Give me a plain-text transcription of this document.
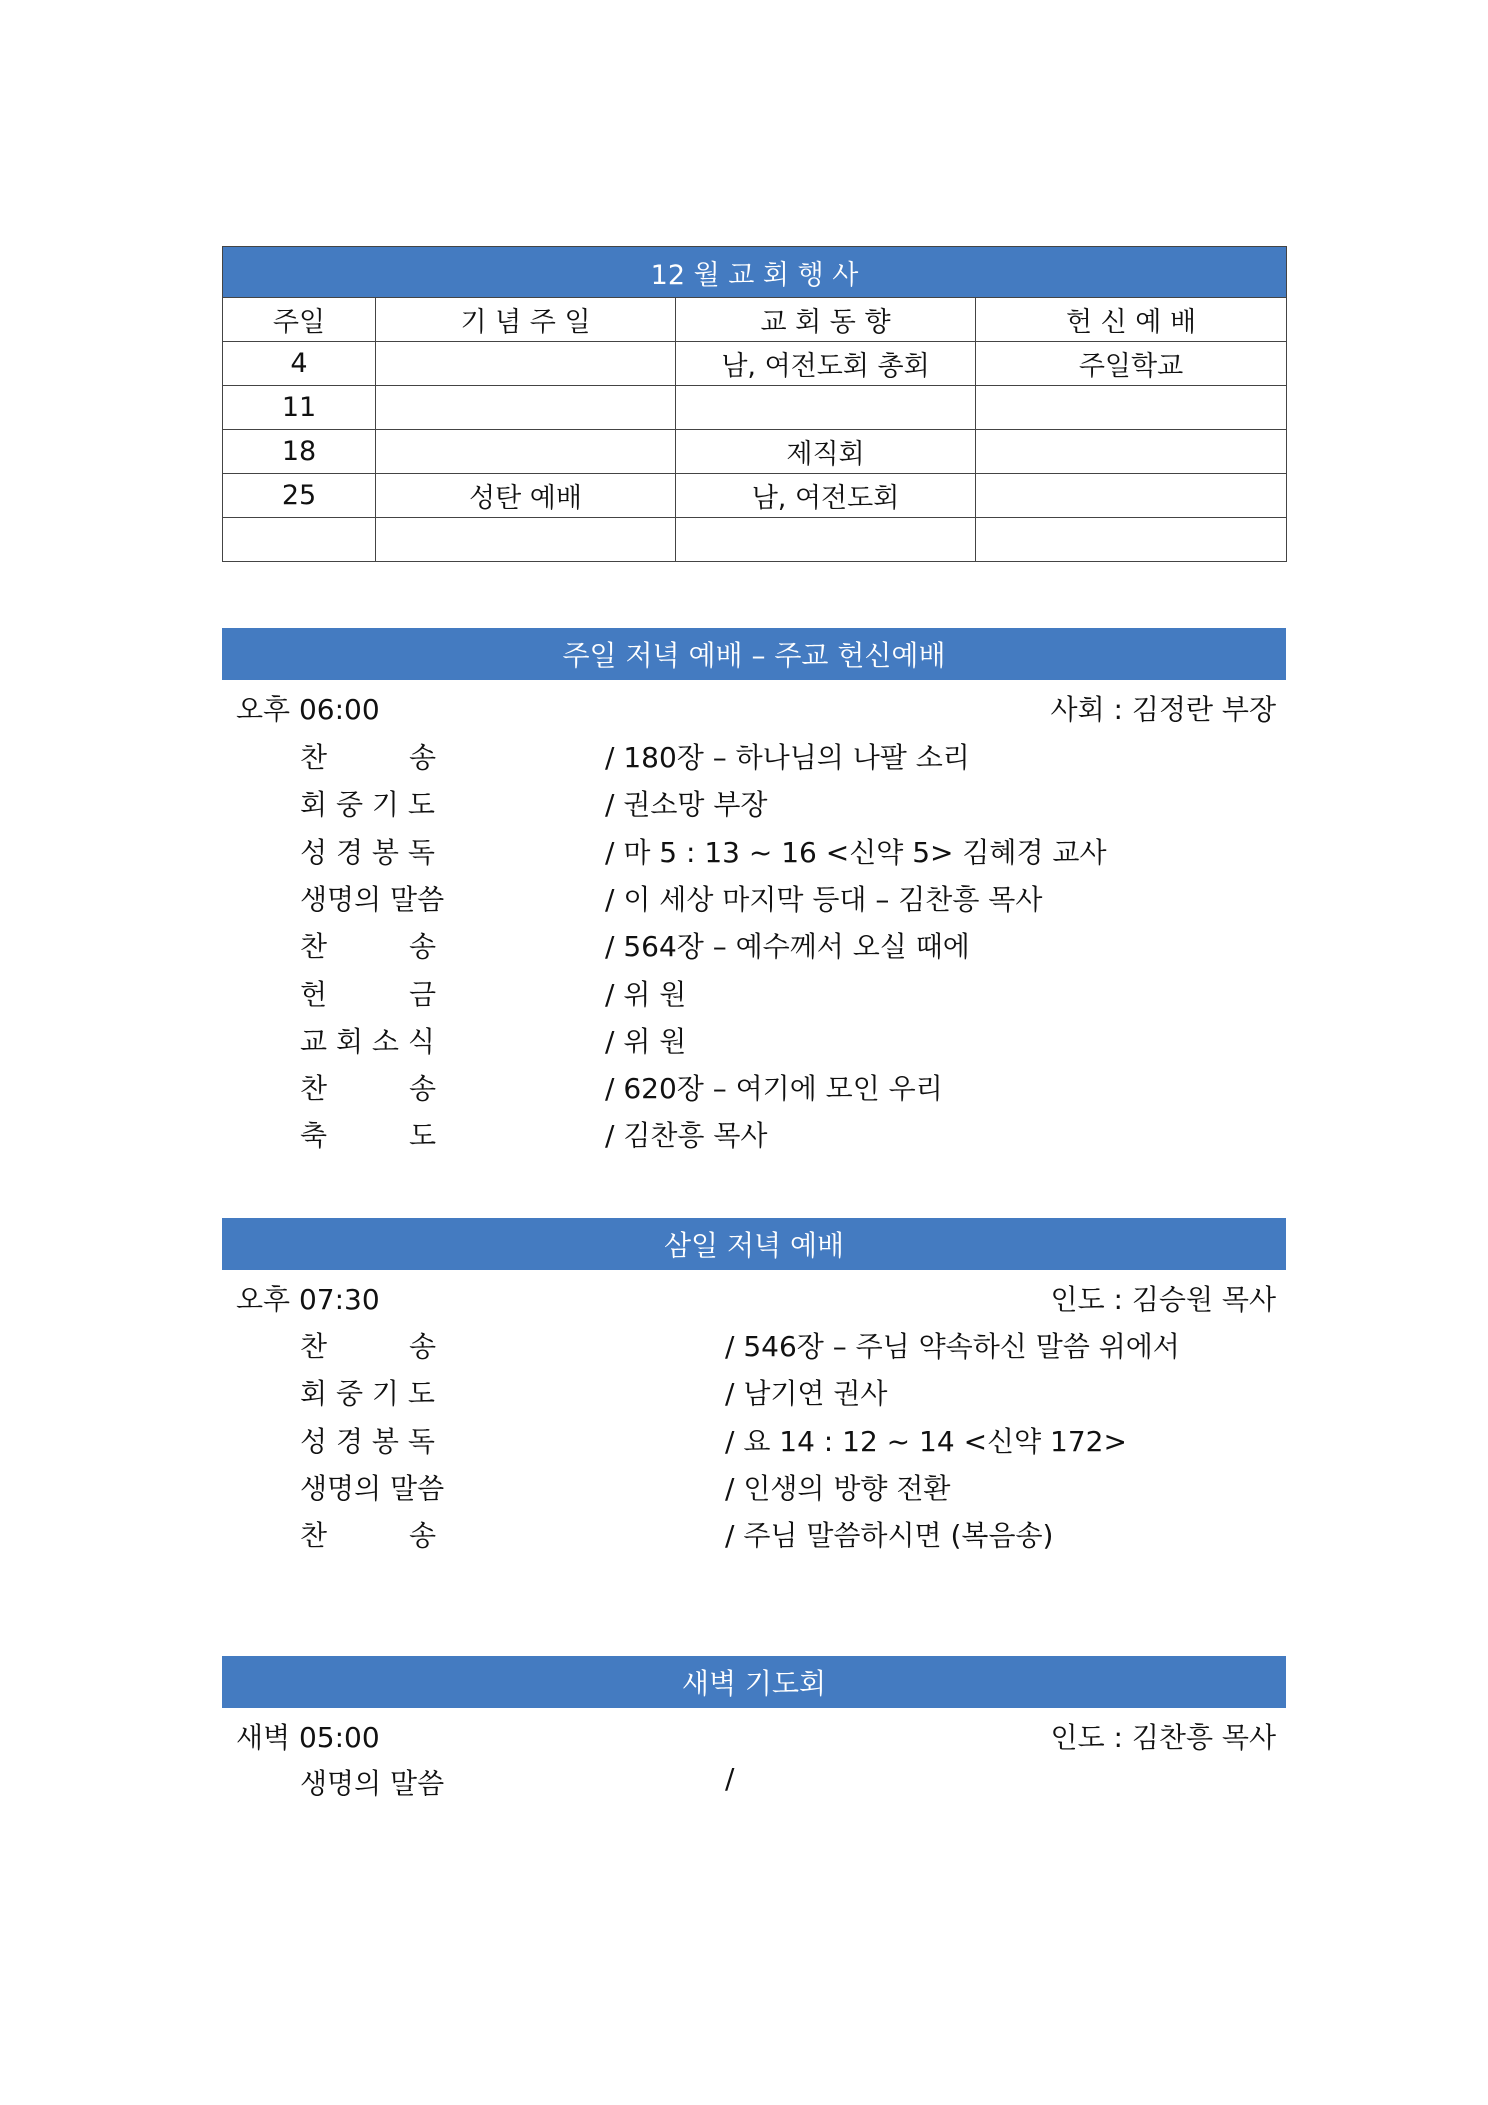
12 월 교 회 행 사			
주일	기 념 주 일	교 회 동 향	헌 신 예 배
4		남, 여전도회 총회	주일학교
11			
18		제직회	
25	성탄 예배	남, 여전도회	

주일 저녁 예배 – 주교 헌신예배
오후 06:00	사회 : 김정란 부장
찬	송	/ 180장 – 하나님의 나팔 소리
회 중 기 도	/ 권소망 부장
성 경 봉 독	/ 마 5 : 13 ~ 16 <신약 5> 김혜경 교사
생명의 말씀	/ 이 세상 마지막 등대 – 김찬흥 목사
찬	송	/ 564장 – 예수께서 오실 때에
헌	금	/ 위 원
교 회 소 식	/ 위 원
찬	송	/ 620장 – 여기에 모인 우리
축	도	/ 김찬흥 목사
삼일 저녁 예배
오후 07:30	인도 : 김승원 목사
찬	송	/ 546장 – 주님 약속하신 말씀 위에서
회 중 기 도	/ 남기연 권사
성 경 봉 독	/ 요 14 : 12 ~ 14 <신약 172>
생명의 말씀	/ 인생의 방향 전환
찬	송	/ 주님 말씀하시면 (복음송)
새벽 기도회
새벽 05:00	인도 : 김찬흥 목사
생명의 말씀	/
